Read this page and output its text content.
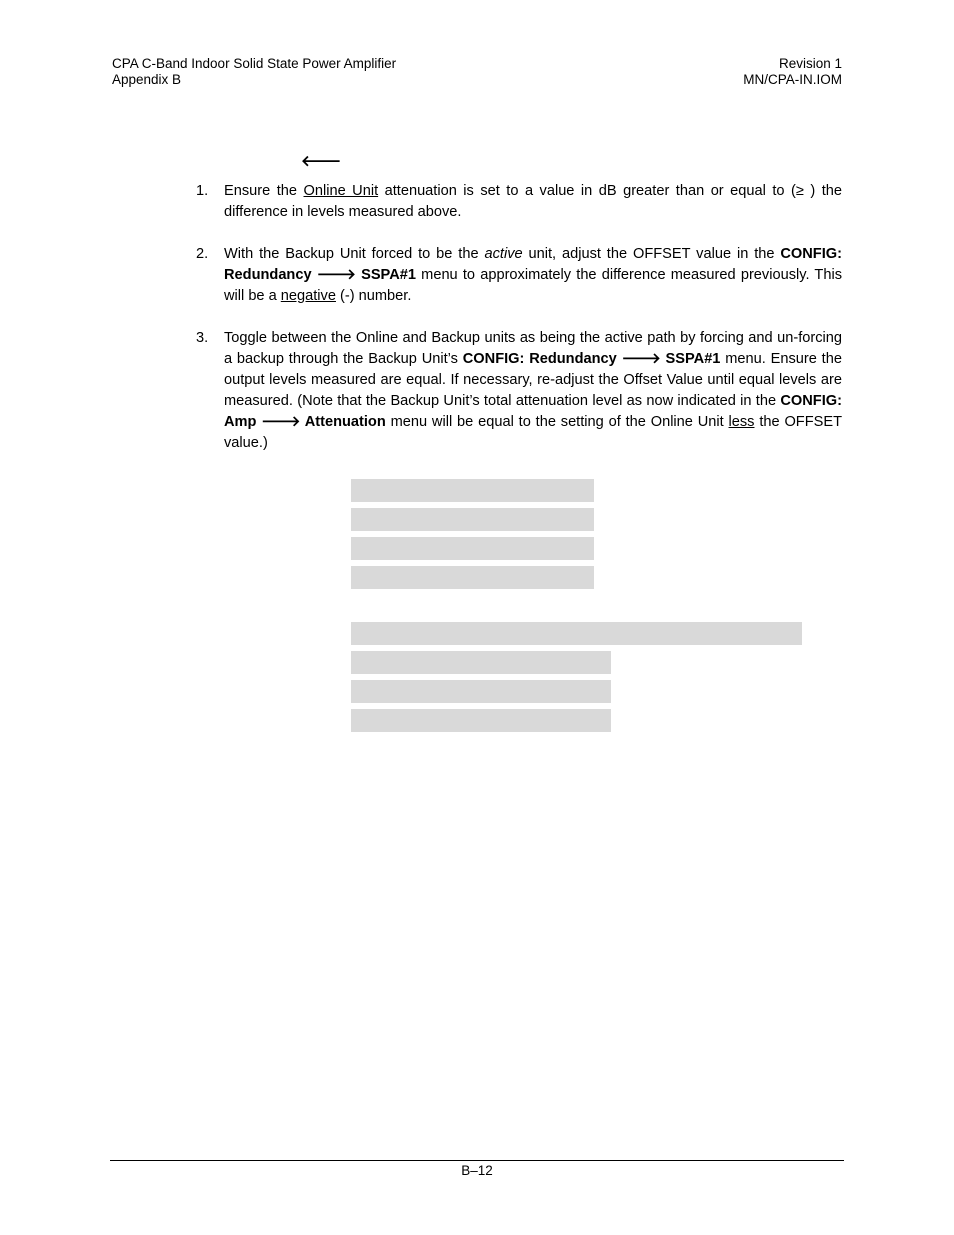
CPA C-Band Indoor Solid State Power Amplifier
Appendix B
Revision 1
MN/CPA-IN.IOM
🡐
1. Ensure the Online Unit attenuation is set to a value in dB greater than or equal to (≥ ) the difference in levels measured above.
2. With the Backup Unit forced to be the active unit, adjust the OFFSET value in the CONFIG: Redundancy 🡒 SSPA#1 menu to approximately the difference measured previously. This will be a negative (-) number.
3. Toggle between the Online and Backup units as being the active path by forcing and un-forcing a backup through the Backup Unit’s CONFIG: Redundancy 🡒 SSPA#1 menu. Ensure the output levels measured are equal. If necessary, re-adjust the Offset Value until equal levels are measured. (Note that the Backup Unit’s total attenuation level as now indicated in the CONFIG: Amp 🡒 Attenuation menu will be equal to the setting of the Online Unit less the OFFSET value.)
B–12
